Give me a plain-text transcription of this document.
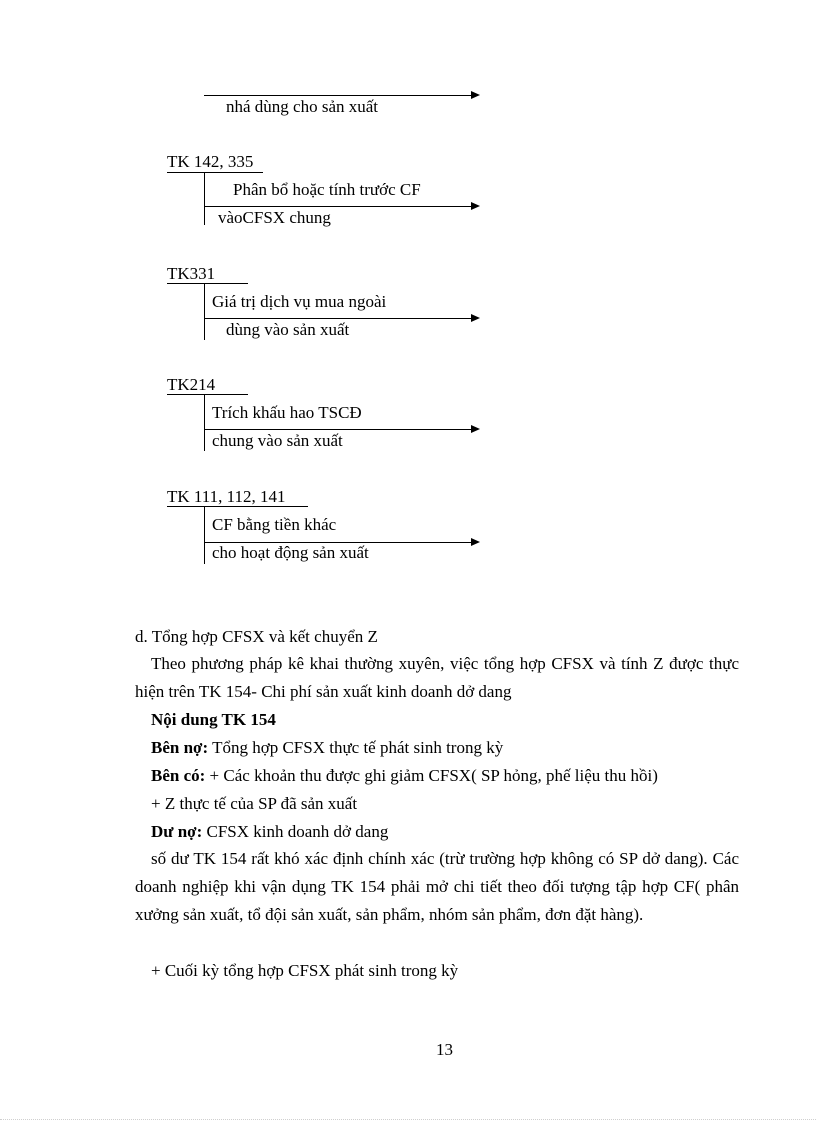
nhá dùng cho sản xuất
TK 142, 335
Phân bổ hoặc tính trước CF
vàoCFSX chung
TK331
Giá trị dịch vụ mua ngoài
dùng vào sản xuất
TK214
Trích khấu hao TSCĐ
chung vào sản xuất
TK 111, 112, 141
CF bằng tiền khác
cho hoạt động sản xuất
d. Tổng hợp CFSX và kết chuyển Z
Theo phương pháp kê khai thường xuyên, việc tổng hợp CFSX và tính Z được thực hiện trên TK 154- Chi phí sản xuất kinh doanh dở dang
Nội dung TK 154
Bên nợ: Tổng hợp CFSX thực tế phát sinh trong kỳ
Bên có: + Các khoản thu được ghi giảm CFSX( SP hỏng, phế liệu thu hồi)
+ Z thực tế của SP đã sản xuất
Dư nợ: CFSX kinh doanh dở dang
số dư TK 154 rất khó xác định chính xác (trừ trường hợp không có SP dở dang). Các doanh nghiệp khi vận dụng TK 154 phải mở chi tiết theo đối tượng tập hợp CF( phân xưởng sản xuất, tổ đội sản xuất, sản phẩm, nhóm sản phẩm, đơn đặt hàng).
+ Cuối kỳ tổng hợp CFSX phát sinh trong kỳ
13
